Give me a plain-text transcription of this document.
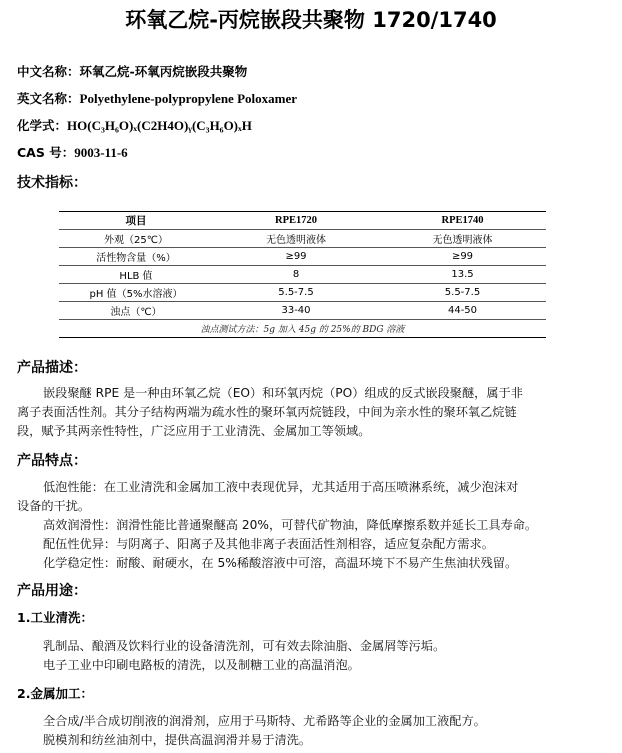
环氧乙烷-丙烷嵌段共聚物 1720/1740
中文名称：环氧乙烷-环氧丙烷嵌段共聚物
英文名称：Polyethylene-polypropylene Poloxamer
化学式：HO(C₃H₆O)ₓ(C2H4O)ᵧ(C₃H₆O)ₓH
CAS 号：9003-11-6
技术指标：
项目	RPE1720	RPE1740
外观（25℃）	无色透明液体	无色透明液体
活性物含量（%）	≥99	≥99
HLB 值	8	13.5
pH 值（5%水溶液）	5.5-7.5	5.5-7.5
浊点（℃）	33-40	44-50
浊点测试方法：5g 加入 45g 的 25%的 BDG 溶液		
产品描述：
嵌段聚醚 RPE 是一种由环氧乙烷（EO）和环氧丙烷（PO）组成的反式嵌段聚醚，属于非
离子表面活性剂。其分子结构两端为疏水性的聚环氧丙烷链段，中间为亲水性的聚环氧乙烷链
段，赋予其两亲性特性，广泛应用于工业清洗、金属加工等领域。
产品特点：
低泡性能：在工业清洗和金属加工液中表现优异，尤其适用于高压喷淋系统，减少泡沫对
设备的干扰。
高效润滑性：润滑性能比普通聚醚高 20%，可替代矿物油，降低摩擦系数并延长工具寿命。
配伍性优异：与阴离子、阳离子及其他非离子表面活性剂相容，适应复杂配方需求。
化学稳定性：耐酸、耐硬水，在 5%稀酸溶液中可溶，高温环境下不易产生焦油状残留。
产品用途：
1.工业清洗：
乳制品、酿酒及饮料行业的设备清洗剂，可有效去除油脂、金属屑等污垢。
电子工业中印刷电路板的清洗，以及制糖工业的高温消泡。
2.金属加工：
全合成/半合成切削液的润滑剂，应用于马斯特、尤希路等企业的金属加工液配方。
脱模剂和纺丝油剂中，提供高温润滑并易于清洗。
